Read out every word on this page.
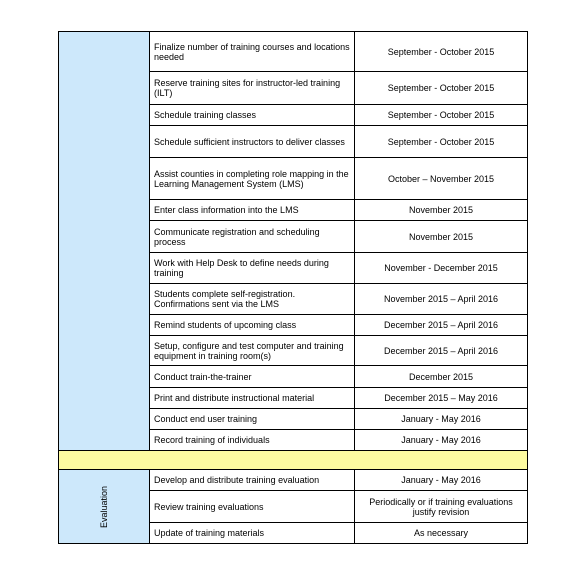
	Finalize number of training courses and locations needed	September - October 2015
	Reserve training sites for instructor-led training (ILT)	September - October 2015
	Schedule training classes	September - October 2015
	Schedule sufficient instructors to deliver classes	September - October 2015
	Assist counties in completing role mapping in the Learning Management System (LMS)	October – November 2015
	Enter class information into the LMS	November 2015
	Communicate registration and scheduling process	November 2015
	Work with Help Desk to define needs during training	November - December 2015
	Students complete self-registration. Confirmations sent via the LMS	November 2015 – April 2016
	Remind students of upcoming class	December 2015 – April 2016
	Setup, configure and test computer and training equipment in training room(s)	December 2015 – April 2016
	Conduct train-the-trainer	December 2015
	Print and distribute instructional material	December 2015 – May 2016
	Conduct end user training	January - May 2016
	Record training of individuals	January - May 2016

Evaluation	Develop and distribute training evaluation	January - May 2016
	Review training evaluations	Periodically or if training evaluations justify revision
	Update of training materials	As necessary
